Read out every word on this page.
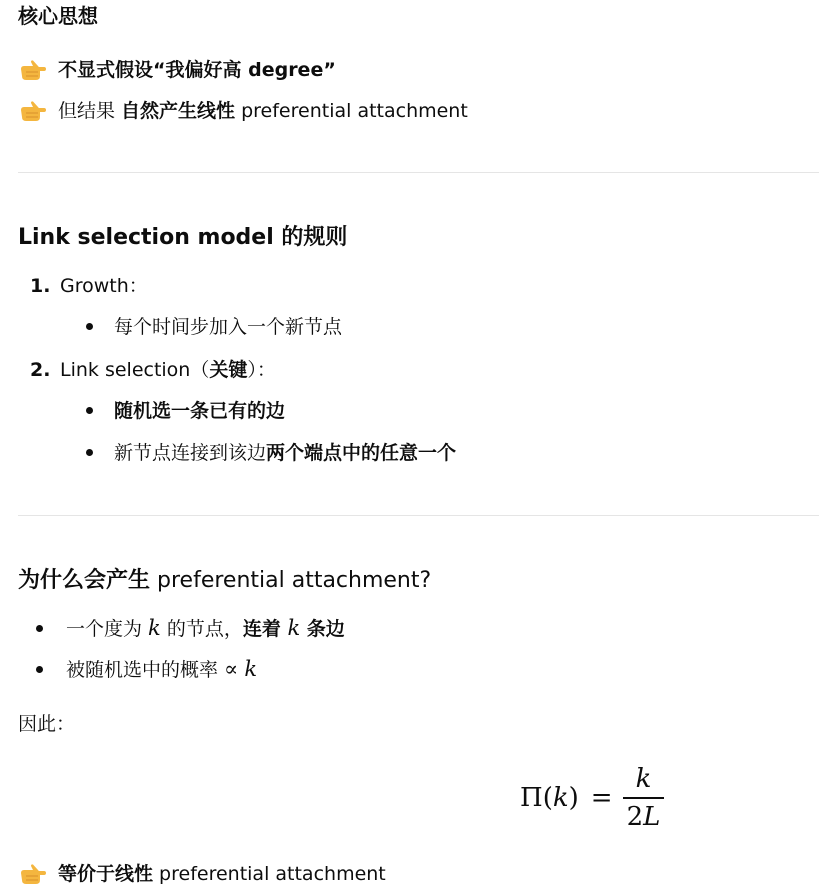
核心思想
不显式假设“我偏好高 degree”
但结果 自然产生线性 preferential attachment
Link selection model 的规则
1. Growth：
每个时间步加入一个新节点
2. Link selection（关键）：
随机选一条已有的边
新节点连接到该边两个端点中的任意一个
为什么会产生 preferential attachment?
一个度为 k 的节点，连着 k 条边
被随机选中的概率 ∝ k
因此：
Π ( k ) = $\frac{k}{2L}$
等价于线性 preferential attachment
